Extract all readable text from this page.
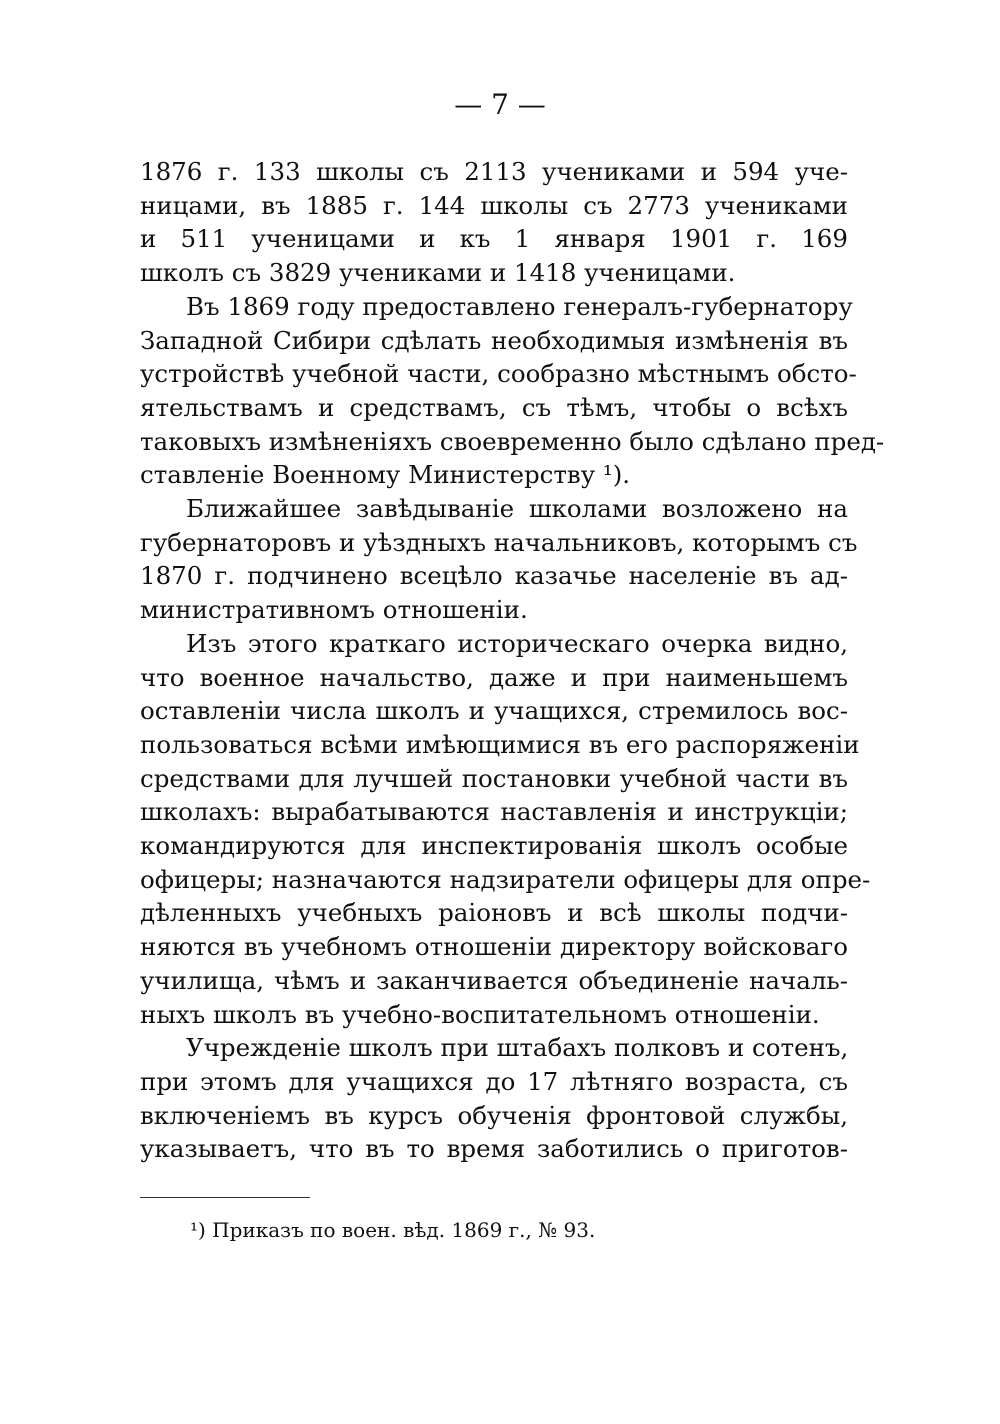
— 7 —
1876 г. 133 школы съ 2113 учениками и 594 уче-
ницами, въ 1885 г. 144 школы съ 2773 учениками
и 511 ученицами и къ 1 января 1901 г. 169
школъ съ 3829 учениками и 1418 ученицами.
Въ 1869 году предоставлено генералъ-губернатору
Западной Сибири сдѣлать необходимыя измѣненія въ
устройствѣ учебной части, сообразно мѣстнымъ обсто-
ятельствамъ и средствамъ, съ тѣмъ, чтобы о всѣхъ
таковыхъ измѣненіяхъ своевременно было сдѣлано пред-
ставленіе Военному Министерству ¹).
Ближайшее завѣдываніе школами возложено на
губернаторовъ и уѣздныхъ начальниковъ, которымъ съ
1870 г. подчинено всецѣло казачье населеніе въ ад-
министративномъ отношеніи.
Изъ этого краткаго историческаго очерка видно,
что военное начальство, даже и при наименьшемъ
оставленіи числа школъ и учащихся, стремилось вос-
пользоваться всѣми имѣющимися въ его распоряженіи
средствами для лучшей постановки учебной части въ
школахъ: вырабатываются наставленія и инструкціи;
командируются для инспектированія школъ особые
офицеры; назначаются надзиратели офицеры для опре-
дѣленныхъ учебныхъ раіоновъ и всѣ школы подчи-
няются въ учебномъ отношеніи директору войсковаго
училища, чѣмъ и заканчивается объединеніе началь-
ныхъ школъ въ учебно-воспитательномъ отношеніи.
Учрежденіе школъ при штабахъ полковъ и сотенъ,
при этомъ для учащихся до 17 лѣтняго возраста, съ
включеніемъ въ курсъ обученія фронтовой службы,
указываетъ, что въ то время заботились о приготов-
¹) Приказъ по воен. вѣд. 1869 г., № 93.
